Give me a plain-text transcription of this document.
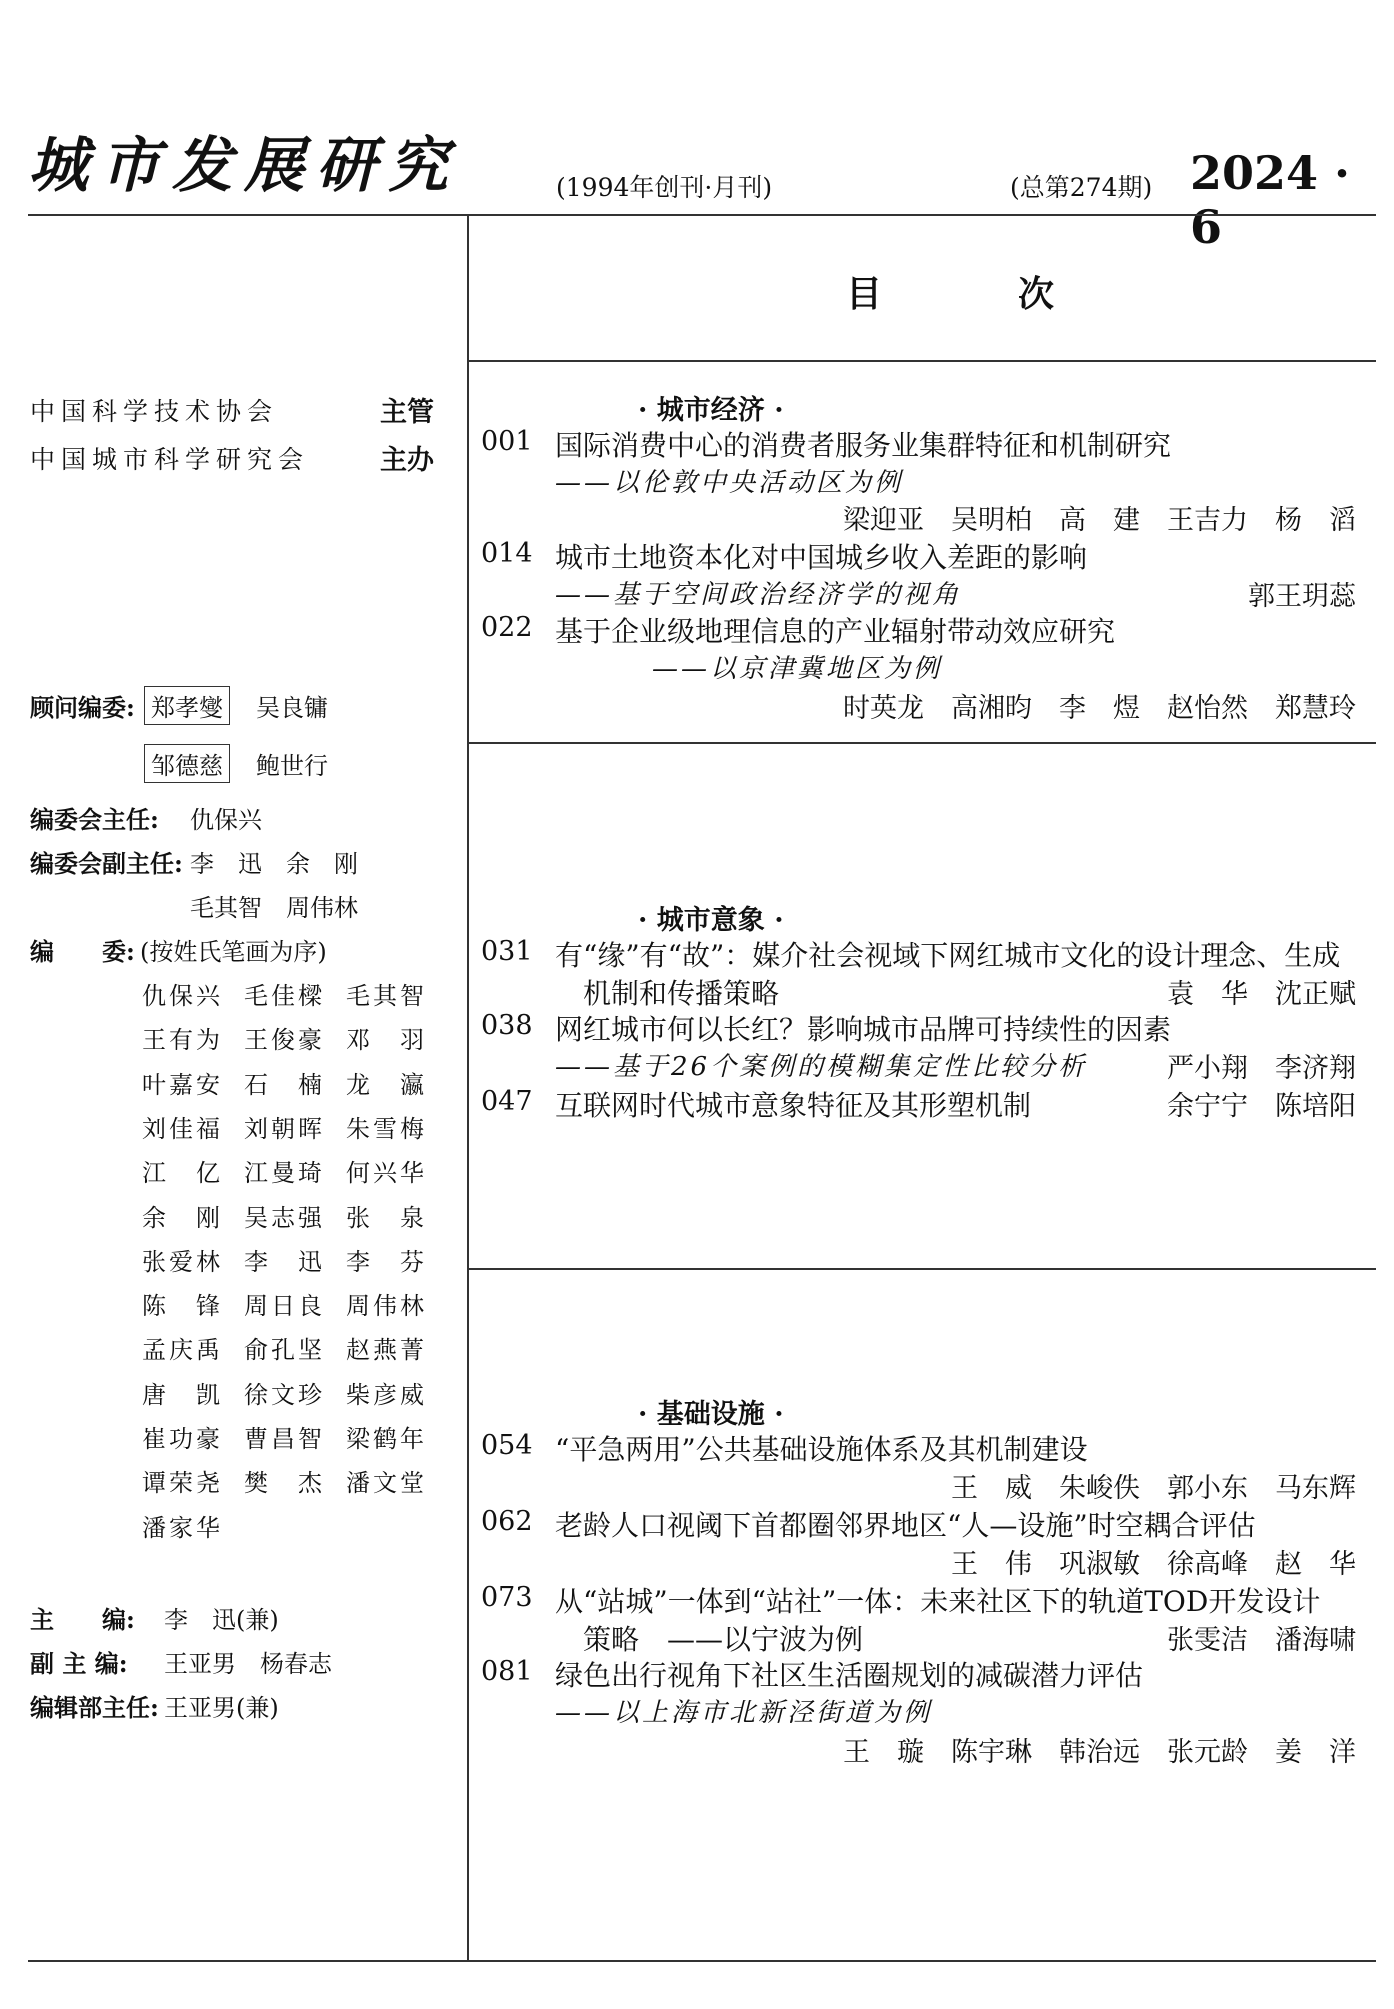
城市发展研究	(1994年创刊·月刊)	(总第274期) 2024 · 6
目　次
中国科学技术协会	主管
中国城市科学研究会	主办
顾问编委: 郑孝燮 吴良镛
邹德慈 鲍世行
编委会主任: 仇保兴
编委会副主任: 李　迅　余　刚
毛其智　周伟林
编　　委: (按姓氏笔画为序)
仇保兴 毛佳樑 毛其智
王有为 王俊豪 邓　羽
叶嘉安 石　楠 龙　瀛
刘佳福 刘朝晖 朱雪梅
江　亿 江曼琦 何兴华
余　刚 吴志强 张　泉
张爱林 李　迅 李　芬
陈　锋 周日良 周伟林
孟庆禹 俞孔坚 赵燕菁
唐　凯 徐文珍 柴彦威
崔功豪 曹昌智 梁鹤年
谭荣尧 樊　杰 潘文堂
潘家华
主　　编: 李　迅(兼)
副 主 编: 王亚男　杨春志
编辑部主任: 王亚男(兼)
· 城市经济 ·
· 城市意象 ·
· 基础设施 ·
001 国际消费中心的消费者服务业集群特征和机制研究
——以伦敦中央活动区为例
梁迎亚　吴明柏　高　建　王吉力　杨　滔
014 城市土地资本化对中国城乡收入差距的影响
——基于空间政治经济学的视角	郭王玥蕊
022 基于企业级地理信息的产业辐射带动效应研究
——以京津冀地区为例
时英龙　高湘昀　李　煜　赵怡然　郑慧玲
031 有“缘”有“故”：媒介社会视域下网红城市文化的设计理念、生成
机制和传播策略	袁　华　沈正赋
038 网红城市何以长红？影响城市品牌可持续性的因素
——基于26个案例的模糊集定性比较分析	严小翔　李济翔
047 互联网时代城市意象特征及其形塑机制	余宁宁　陈培阳
054 “平急两用”公共基础设施体系及其机制建设
王　威　朱峻佚　郭小东　马东辉
062 老龄人口视阈下首都圈邻界地区“人—设施”时空耦合评估
王　伟　巩淑敏　徐高峰　赵　华
073 从“站城”一体到“站社”一体：未来社区下的轨道TOD开发设计
策略　——以宁波为例	张雯洁　潘海啸
081 绿色出行视角下社区生活圈规划的减碳潜力评估
——以上海市北新泾街道为例
王　璇　陈宇琳　韩治远　张元龄　姜　洋
